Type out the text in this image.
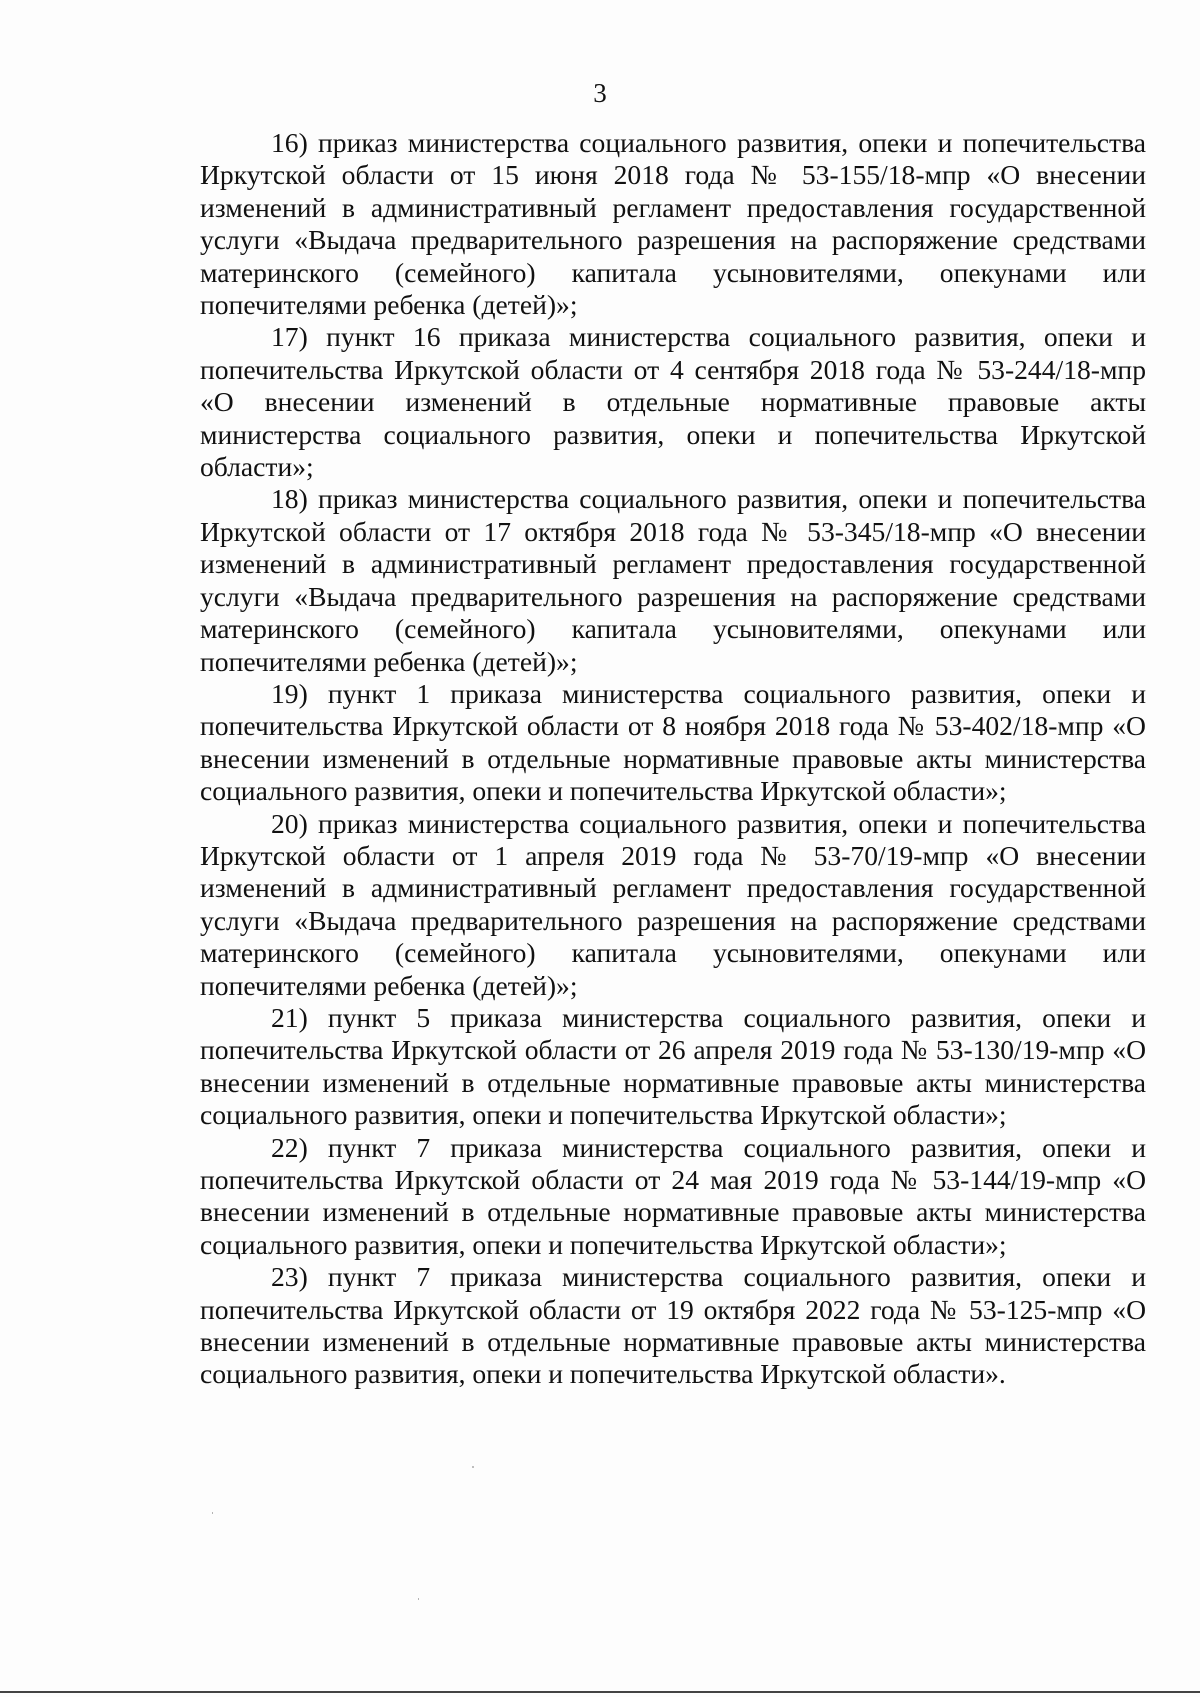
3

16) приказ министерства социального развития, опеки и попечительства Иркутской области от 15 июня 2018 года № 53-155/18-мпр «О внесении изменений в административный регламент предоставления государственной услуги «Выдача предварительного разрешения на распоряжение средствами материнского (семейного) капитала усыновителями, опекунами или попечителями ребенка (детей)»;

17) пункт 16 приказа министерства социального развития, опеки и попечительства Иркутской области от 4 сентября 2018 года № 53-244/18-мпр «О внесении изменений в отдельные нормативные правовые акты министерства социального развития, опеки и попечительства Иркутской области»;

18) приказ министерства социального развития, опеки и попечительства Иркутской области от 17 октября 2018 года № 53-345/18-мпр «О внесении изменений в административный регламент предоставления государственной услуги «Выдача предварительного разрешения на распоряжение средствами материнского (семейного) капитала усыновителями, опекунами или попечителями ребенка (детей)»;

19) пункт 1 приказа министерства социального развития, опеки и попечительства Иркутской области от 8 ноября 2018 года № 53-402/18-мпр «О внесении изменений в отдельные нормативные правовые акты министерства социального развития, опеки и попечительства Иркутской области»;

20) приказ министерства социального развития, опеки и попечительства Иркутской области от 1 апреля 2019 года № 53-70/19-мпр «О внесении изменений в административный регламент предоставления государственной услуги «Выдача предварительного разрешения на распоряжение средствами материнского (семейного) капитала усыновителями, опекунами или попечителями ребенка (детей)»;

21) пункт 5 приказа министерства социального развития, опеки и попечительства Иркутской области от 26 апреля 2019 года № 53-130/19-мпр «О внесении изменений в отдельные нормативные правовые акты министерства социального развития, опеки и попечительства Иркутской области»;

22) пункт 7 приказа министерства социального развития, опеки и попечительства Иркутской области от 24 мая 2019 года № 53-144/19-мпр «О внесении изменений в отдельные нормативные правовые акты министерства социального развития, опеки и попечительства Иркутской области»;

23) пункт 7 приказа министерства социального развития, опеки и попечительства Иркутской области от 19 октября 2022 года № 53-125-мпр «О внесении изменений в отдельные нормативные правовые акты министерства социального развития, опеки и попечительства Иркутской области».
